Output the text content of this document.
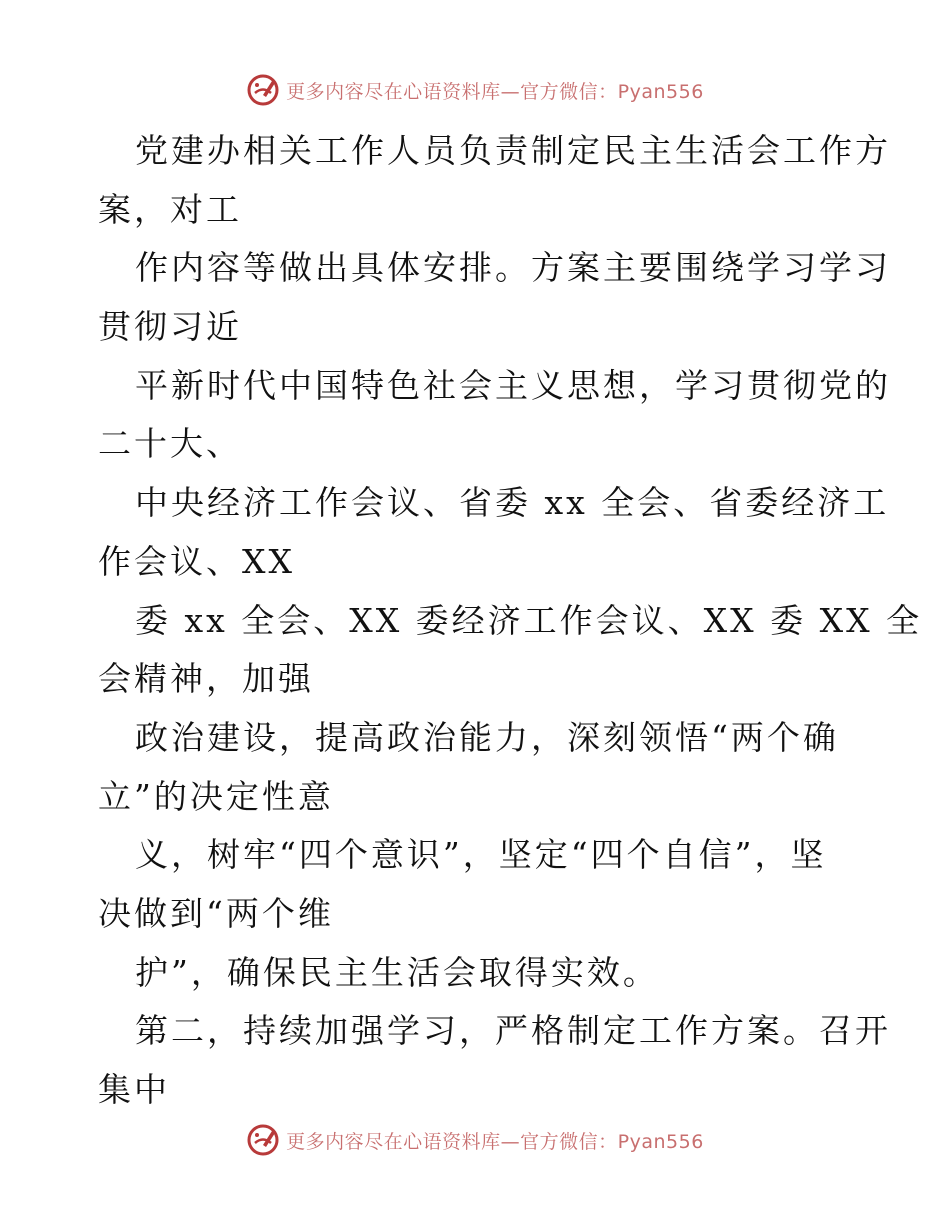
更多内容尽在心语资料库—官方微信：Pyan556
党建办相关工作人员负责制定民主生活会工作方
案，对工
作内容等做出具体安排。方案主要围绕学习学习
贯彻习近
平新时代中国特色社会主义思想，学习贯彻党的
二十大、
中央经济工作会议、省委 xx 全会、省委经济工
作会议、XX
委 xx 全会、XX 委经济工作会议、XX 委 XX 全
会精神，加强
政治建设，提高政治能力，深刻领悟“两个确
立”的决定性意
义，树牢“四个意识”，坚定“四个自信”，坚
决做到“两个维
护”，确保民主生活会取得实效。
第二，持续加强学习，严格制定工作方案。召开
集中
更多内容尽在心语资料库—官方微信：Pyan556
